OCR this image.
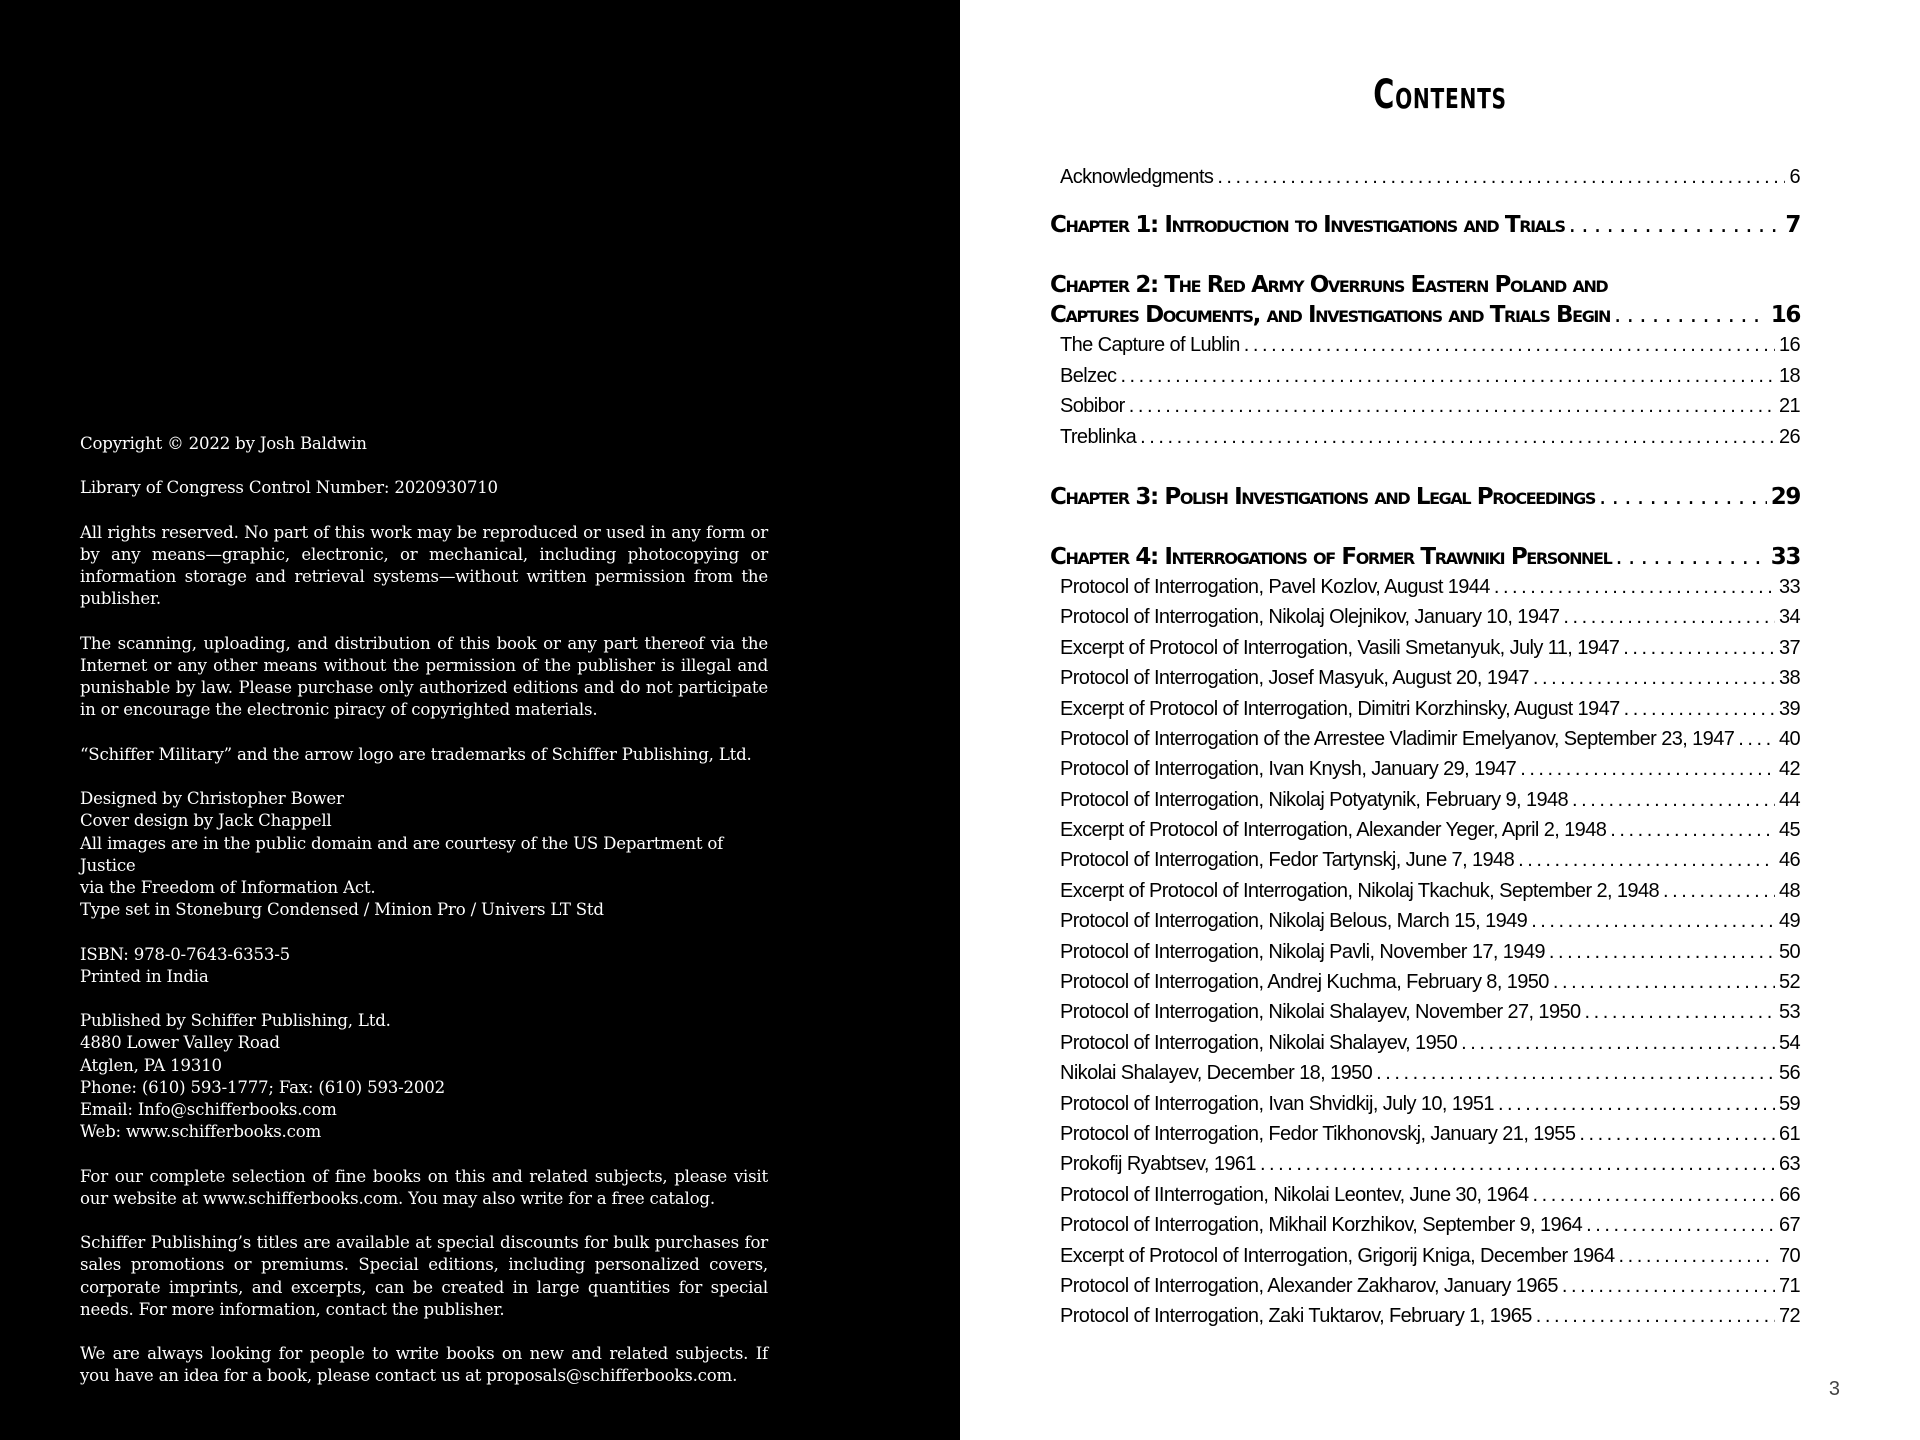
Copyright © 2022 by Josh Baldwin

Library of Congress Control Number: 2020930710

All rights reserved. No part of this work may be reproduced or used in any form or by any means—graphic, electronic, or mechanical, including photocopying or information storage and retrieval systems—without written permission from the publisher.

The scanning, uploading, and distribution of this book or any part thereof via the Internet or any other means without the permission of the publisher is illegal and punishable by law. Please purchase only authorized editions and do not participate in or encourage the electronic piracy of copyrighted materials.

“Schiffer Military” and the arrow logo are trademarks of Schiffer Publishing, Ltd.

Designed by Christopher Bower
Cover design by Jack Chappell
All images are in the public domain and are courtesy of the US Department of Justice
via the Freedom of Information Act.
Type set in Stoneburg Condensed / Minion Pro / Univers LT Std

ISBN: 978-0-7643-6353-5
Printed in India

Published by Schiffer Publishing, Ltd.
4880 Lower Valley Road
Atglen, PA 19310
Phone: (610) 593-1777; Fax: (610) 593-2002
Email: Info@schifferbooks.com
Web: www.schifferbooks.com

For our complete selection of fine books on this and related subjects, please visit our website at www.schifferbooks.com. You may also write for a free catalog.

Schiffer Publishing’s titles are available at special discounts for bulk purchases for sales promotions or premiums. Special editions, including personalized covers, corporate imprints, and excerpts, can be created in large quantities for special needs. For more information, contact the publisher.

We are always looking for people to write books on new and related subjects. If you have an idea for a book, please contact us at proposals@schifferbooks.com.

Contents
Acknowledgments . . .	6
Chapter 1: Introduction to Investigations and Trials . . .	7
Chapter 2: The Red Army Overruns Eastern Poland and
Captures Documents, and Investigations and Trials Begin . . .	16
The Capture of Lublin . . .	16
Belzec . . .	18
Sobibor . . .	21
Treblinka . . .	26
Chapter 3: Polish Investigations and Legal Proceedings . . .	29
Chapter 4: Interrogations of Former Trawniki Personnel . . .	33
Protocol of Interrogation, Pavel Kozlov, August 1944 . . .	33
Protocol of Interrogation, Nikolaj Olejnikov, January 10, 1947 . . .	34
Excerpt of Protocol of Interrogation, Vasili Smetanyuk, July 11, 1947 . . .	37
Protocol of Interrogation, Josef Masyuk, August 20, 1947 . . .	38
Excerpt of Protocol of Interrogation, Dimitri Korzhinsky, August 1947 . . .	39
Protocol of Interrogation of the Arrestee Vladimir Emelyanov, September 23, 1947 . . . 40
Protocol of Interrogation, Ivan Knysh, January 29, 1947 . . .	42
Protocol of Interrogation, Nikolaj Potyatynik, February 9, 1948 . . .	44
Excerpt of Protocol of Interrogation, Alexander Yeger, April 2, 1948 . . .	45
Protocol of Interrogation, Fedor Tartynskj, June 7, 1948 . . .	46
Excerpt of Protocol of Interrogation, Nikolaj Tkachuk, September 2, 1948 . . .	48
Protocol of Interrogation, Nikolaj Belous, March 15, 1949 . . .	49
Protocol of Interrogation, Nikolaj Pavli, November 17, 1949 . . .	50
Protocol of Interrogation, Andrej Kuchma, February 8, 1950 . . .	52
Protocol of Interrogation, Nikolai Shalayev, November 27, 1950 . . .	53
Protocol of Interrogation, Nikolai Shalayev, 1950 . . .	54
Nikolai Shalayev, December 18, 1950 . . .	56
Protocol of Interrogation, Ivan Shvidkij, July 10, 1951 . . .	59
Protocol of Interrogation, Fedor Tikhonovskj, January 21, 1955 . . .	61
Prokofij Ryabtsev, 1961 . . .	63
Protocol of IInterrogation, Nikolai Leontev, June 30, 1964 . . .	66
Protocol of Interrogation, Mikhail Korzhikov, September 9, 1964 . . .	67
Excerpt of Protocol of Interrogation, Grigorij Kniga, December 1964 . . .	70
Protocol of Interrogation, Alexander Zakharov, January 1965 . . .	71
Protocol of Interrogation, Zaki Tuktarov, February 1, 1965 . . .	72
3
